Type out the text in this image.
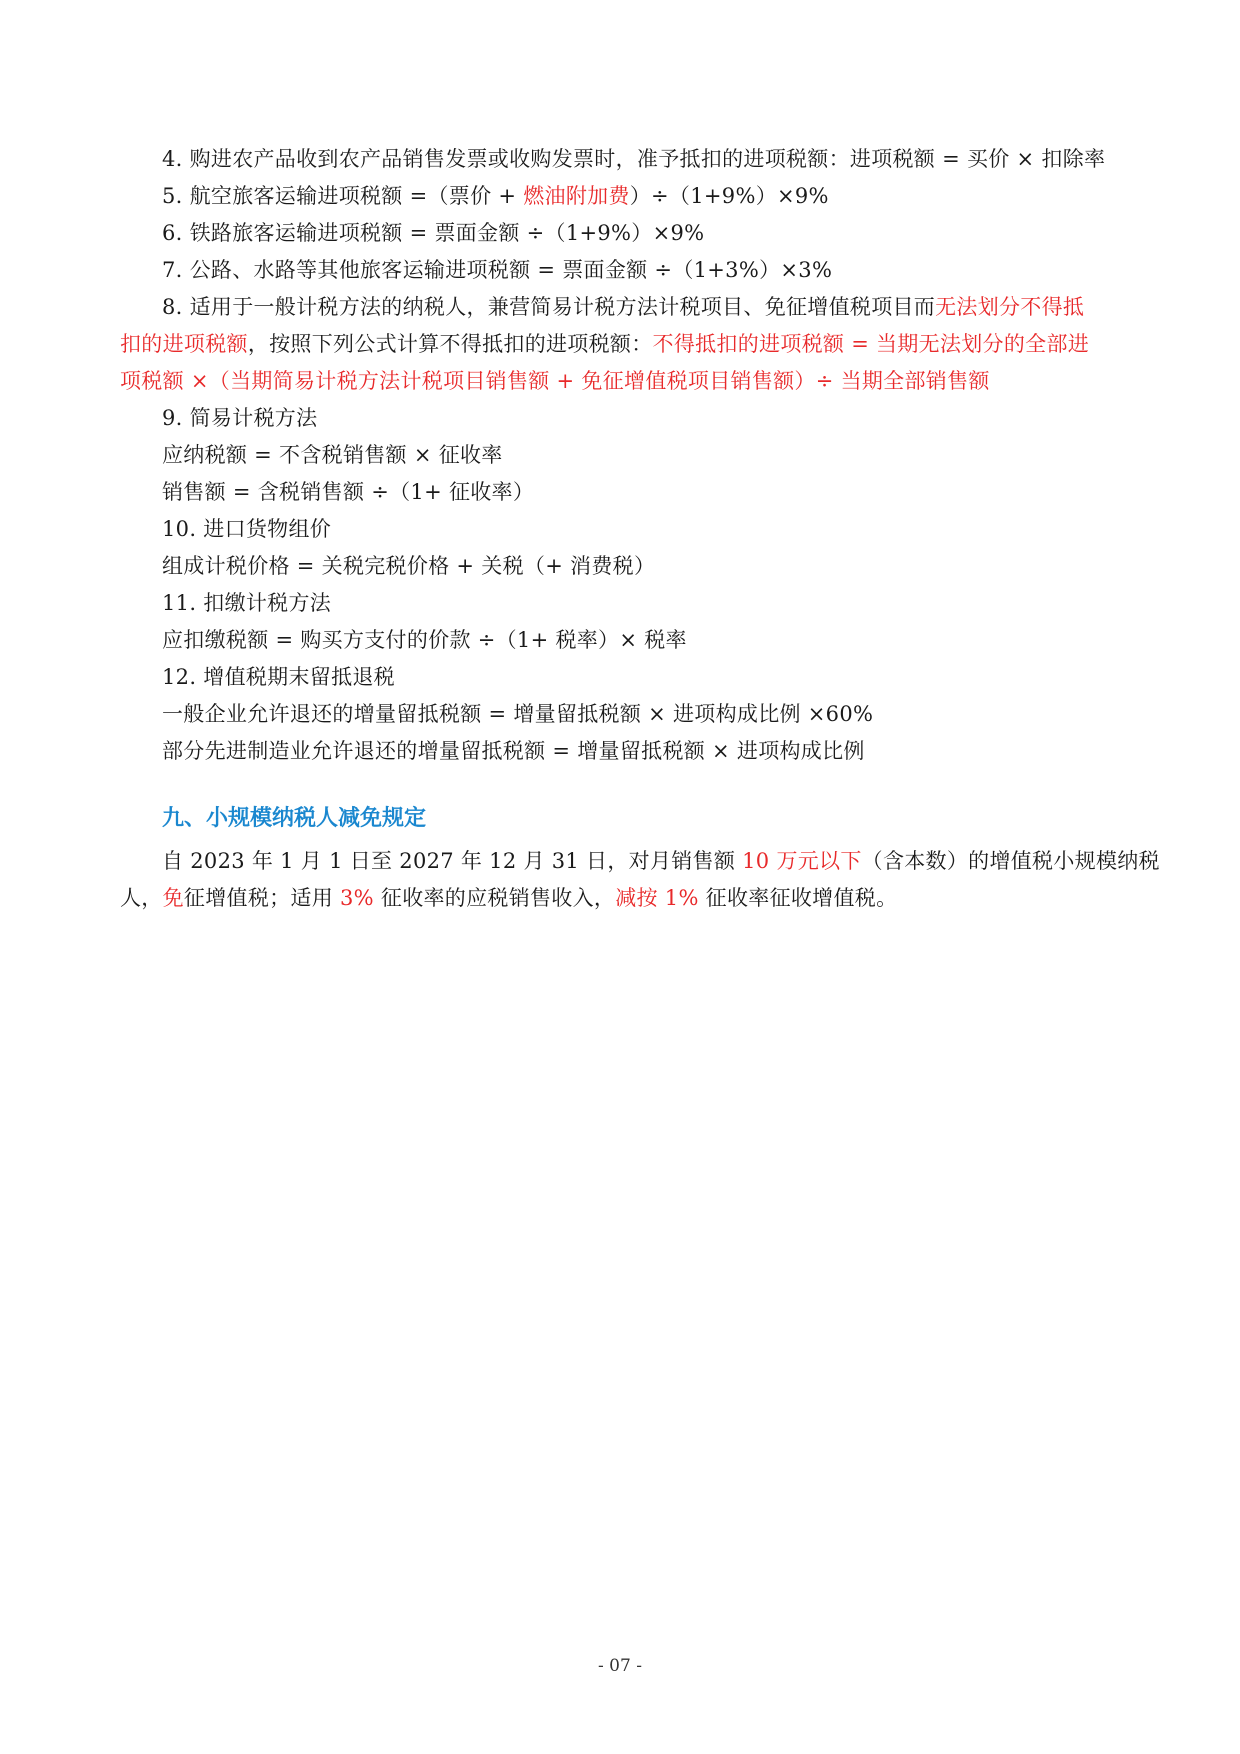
4. 购进农产品收到农产品销售发票或收购发票时，准予抵扣的进项税额：进项税额 = 买价 × 扣除率
5. 航空旅客运输进项税额 =（票价 + 燃油附加费）÷（1+9%）×9%
6. 铁路旅客运输进项税额 = 票面金额 ÷（1+9%）×9%
7. 公路、水路等其他旅客运输进项税额 = 票面金额 ÷（1+3%）×3%
8. 适用于一般计税方法的纳税人，兼营简易计税方法计税项目、免征增值税项目而无法划分不得抵
扣的进项税额，按照下列公式计算不得抵扣的进项税额：不得抵扣的进项税额 = 当期无法划分的全部进
项税额 ×（当期简易计税方法计税项目销售额 + 免征增值税项目销售额）÷ 当期全部销售额
9. 简易计税方法
应纳税额 = 不含税销售额 × 征收率
销售额 = 含税销售额 ÷（1+ 征收率）
10. 进口货物组价
组成计税价格 = 关税完税价格 + 关税（+ 消费税）
11. 扣缴计税方法
应扣缴税额 = 购买方支付的价款 ÷（1+ 税率）× 税率
12. 增值税期末留抵退税
一般企业允许退还的增量留抵税额 = 增量留抵税额 × 进项构成比例 ×60%
部分先进制造业允许退还的增量留抵税额 = 增量留抵税额 × 进项构成比例
九、小规模纳税人减免规定
自 2023 年 1 月 1 日至 2027 年 12 月 31 日，对月销售额 10 万元以下（含本数）的增值税小规模纳税
人，免征增值税；适用 3% 征收率的应税销售收入，减按 1% 征收率征收增值税。
- 07 -
